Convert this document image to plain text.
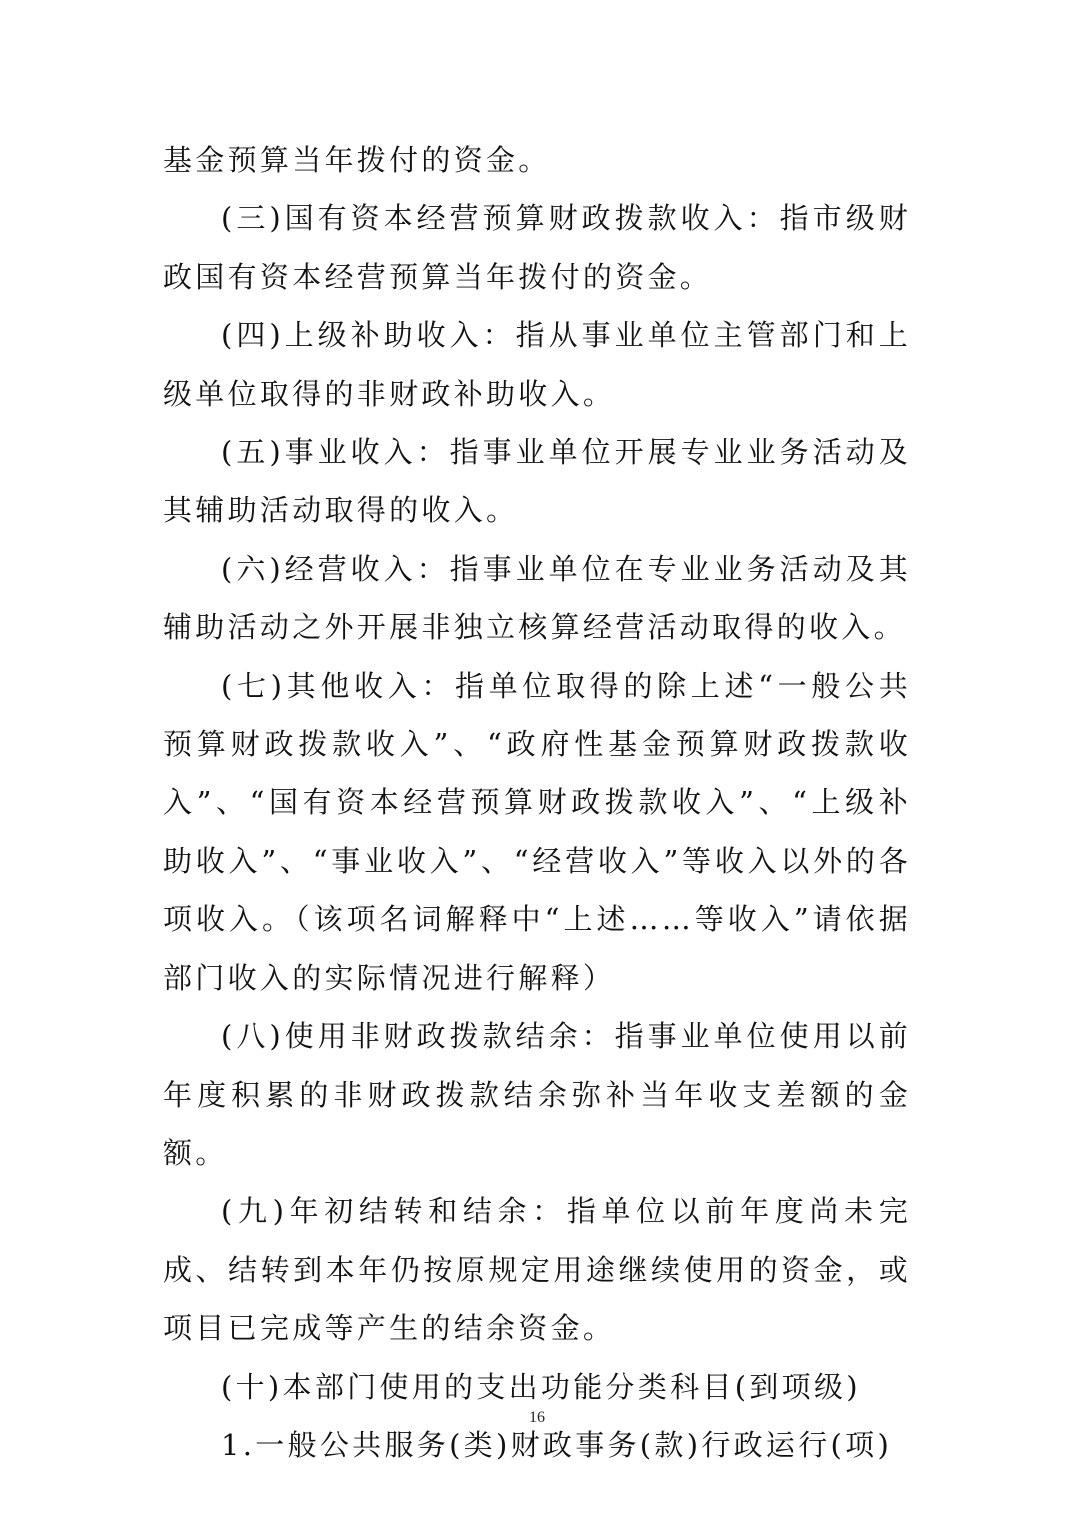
基金预算当年拨付的资金。

(三)国有资本经营预算财政拨款收入：指市级财政国有资本经营预算当年拨付的资金。

(四)上级补助收入：指从事业单位主管部门和上级单位取得的非财政补助收入。

(五)事业收入：指事业单位开展专业业务活动及其辅助活动取得的收入。

(六)经营收入：指事业单位在专业业务活动及其辅助活动之外开展非独立核算经营活动取得的收入。

(七)其他收入：指单位取得的除上述“一般公共预算财政拨款收入”、“政府性基金预算财政拨款收入”、“国有资本经营预算财政拨款收入”、“上级补助收入”、“事业收入”、“经营收入”等收入以外的各项收入。（该项名词解释中“上述……等收入”请依据部门收入的实际情况进行解释）

(八)使用非财政拨款结余：指事业单位使用以前年度积累的非财政拨款结余弥补当年收支差额的金额。

(九)年初结转和结余：指单位以前年度尚未完成、结转到本年仍按原规定用途继续使用的资金，或项目已完成等产生的结余资金。

(十)本部门使用的支出功能分类科目(到项级)

1.一般公共服务(类)财政事务(款)行政运行(项)

16
